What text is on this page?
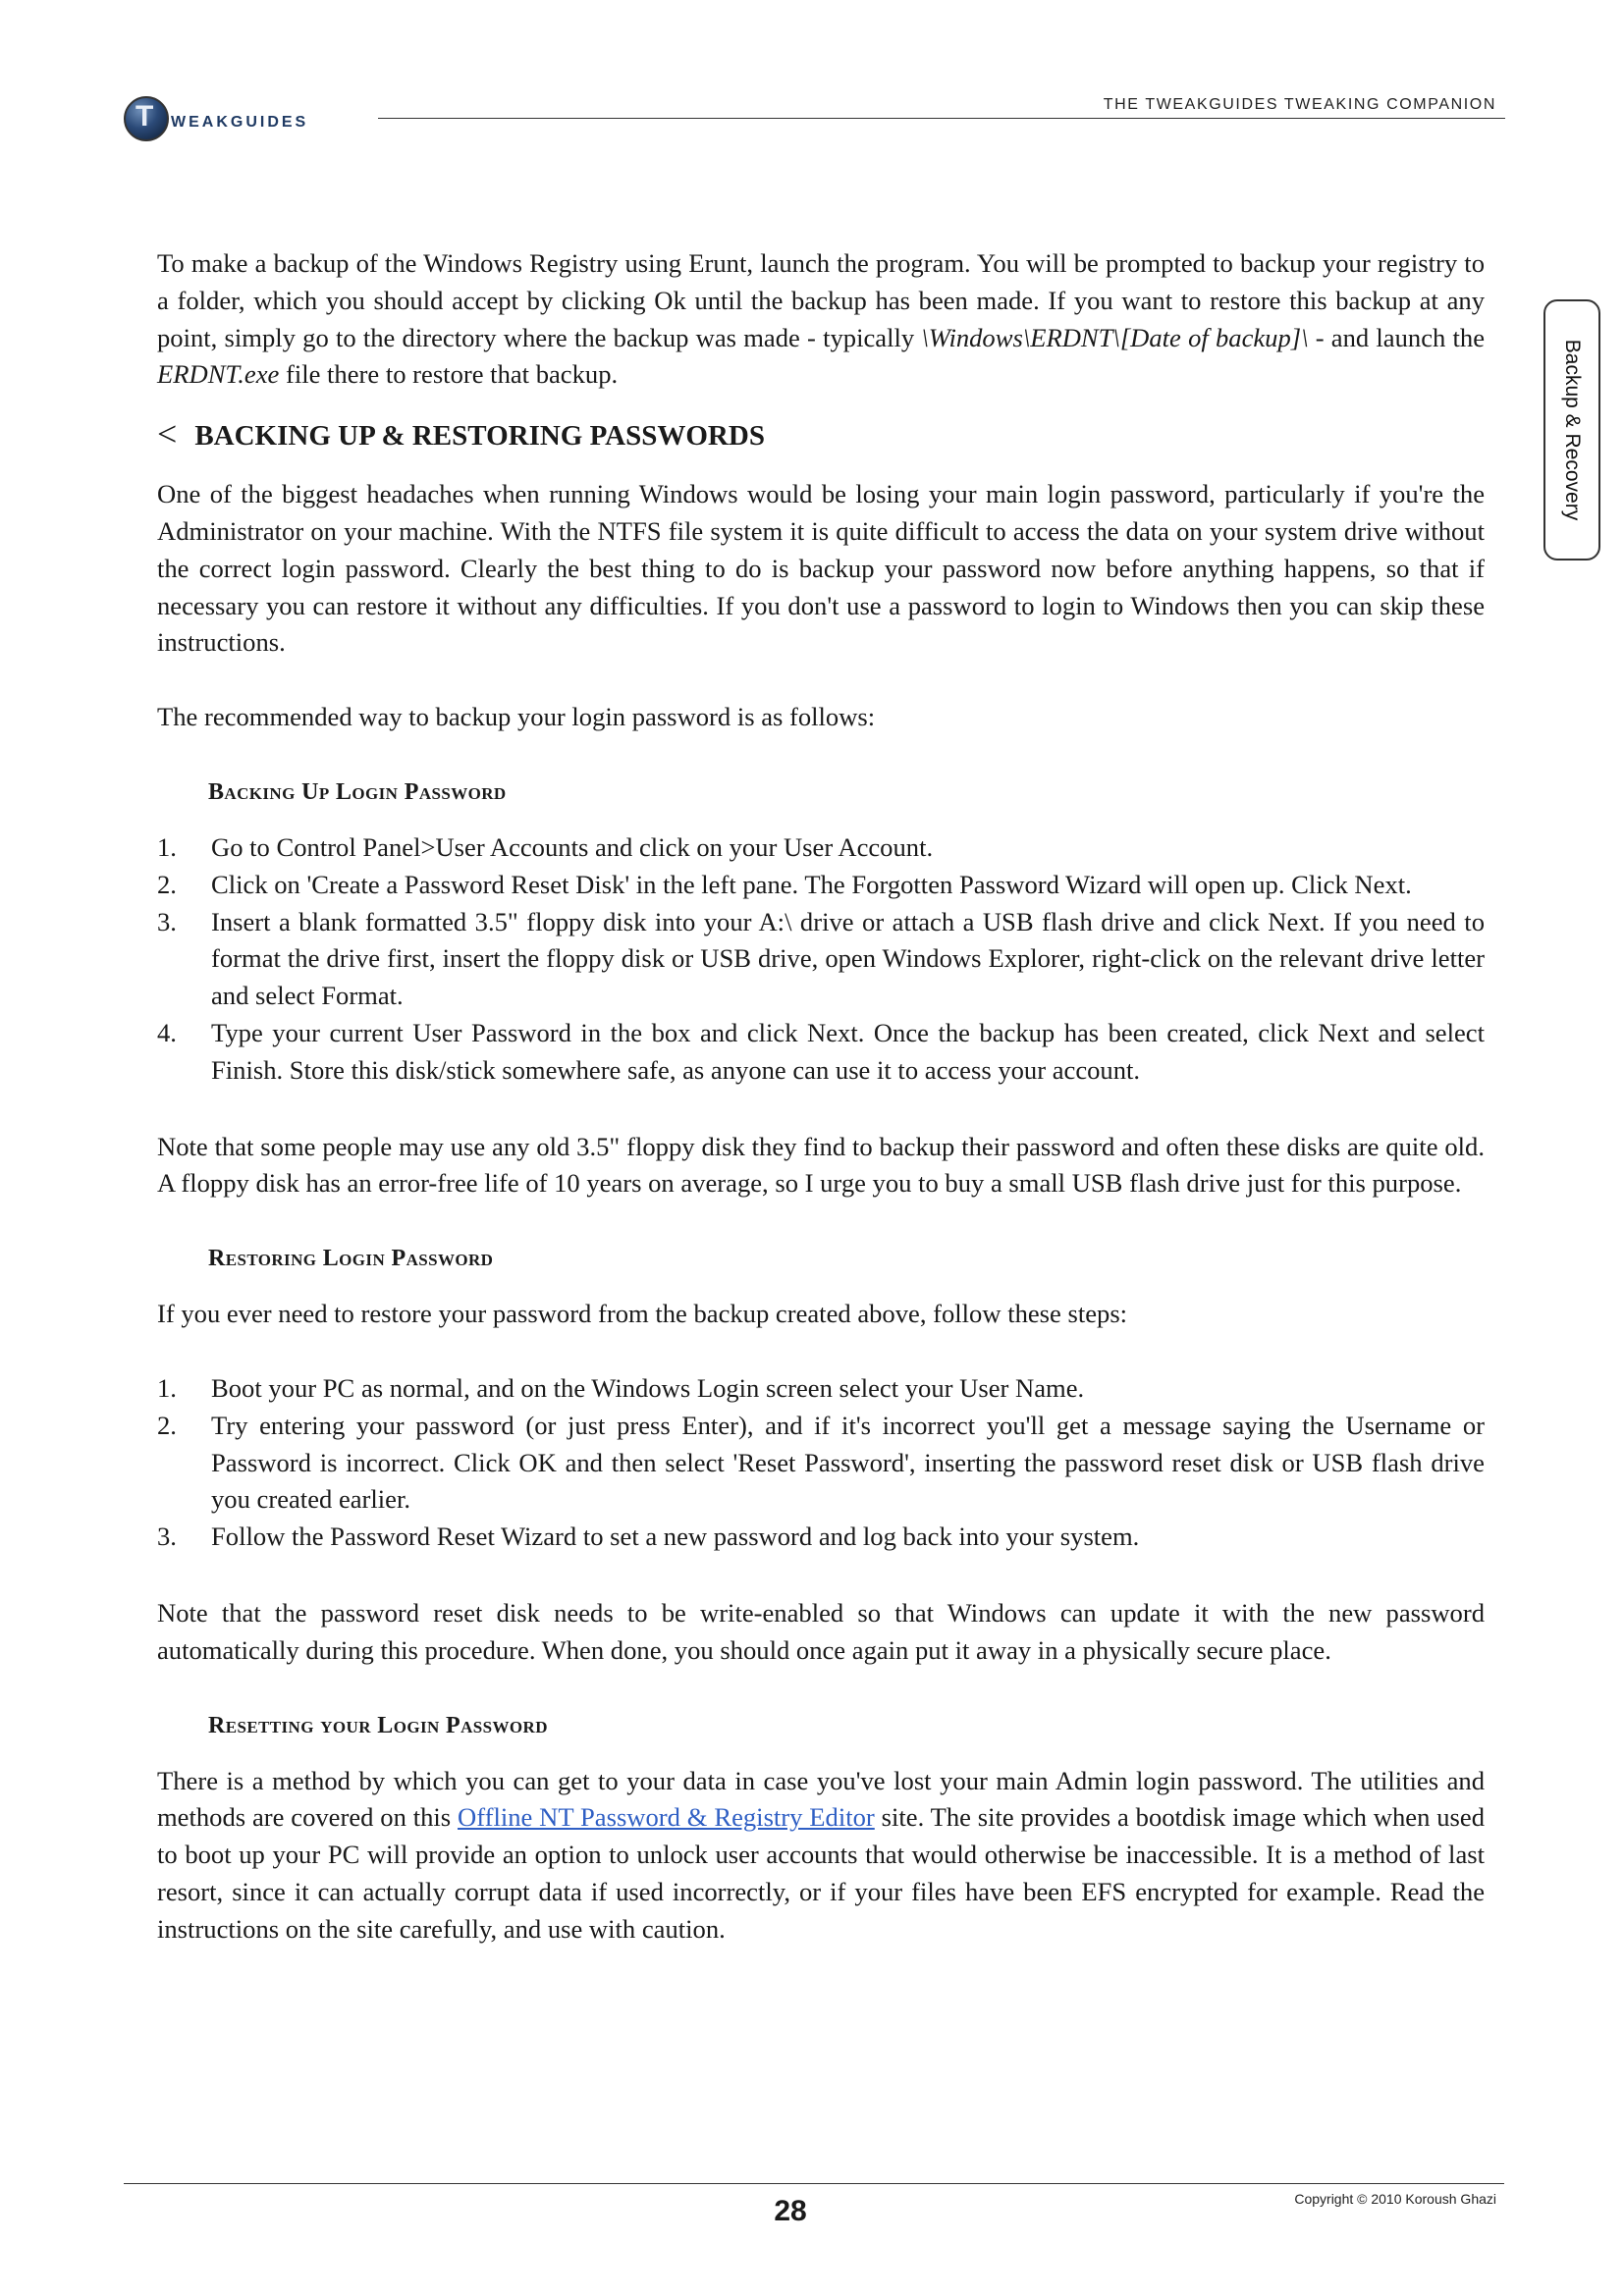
T WEAKGUIDES
THE TWEAKGUIDES TWEAKING COMPANION
Backup & Recovery

To make a backup of the Windows Registry using Erunt, launch the program. You will be prompted to backup your registry to a folder, which you should accept by clicking Ok until the backup has been made. If you want to restore this backup at any point, simply go to the directory where the backup was made - typically \Windows\ERDNT\[Date of backup]\ - and launch the ERDNT.exe file there to restore that backup.

< BACKING UP & RESTORING PASSWORDS

One of the biggest headaches when running Windows would be losing your main login password, particularly if you're the Administrator on your machine. With the NTFS file system it is quite difficult to access the data on your system drive without the correct login password. Clearly the best thing to do is backup your password now before anything happens, so that if necessary you can restore it without any difficulties. If you don't use a password to login to Windows then you can skip these instructions.

The recommended way to backup your login password is as follows:

Backing Up Login Password
1.	Go to Control Panel>User Accounts and click on your User Account.
2.	Click on 'Create a Password Reset Disk' in the left pane. The Forgotten Password Wizard will open up. Click Next.
3.	Insert a blank formatted 3.5" floppy disk into your A:\ drive or attach a USB flash drive and click Next. If you need to format the drive first, insert the floppy disk or USB drive, open Windows Explorer, right-click on the relevant drive letter and select Format.
4.	Type your current User Password in the box and click Next. Once the backup has been created, click Next and select Finish. Store this disk/stick somewhere safe, as anyone can use it to access your account.

Note that some people may use any old 3.5" floppy disk they find to backup their password and often these disks are quite old. A floppy disk has an error-free life of 10 years on average, so I urge you to buy a small USB flash drive just for this purpose.

Restoring Login Password

If you ever need to restore your password from the backup created above, follow these steps:

1.	Boot your PC as normal, and on the Windows Login screen select your User Name.
2.	Try entering your password (or just press Enter), and if it's incorrect you'll get a message saying the Username or Password is incorrect. Click OK and then select 'Reset Password', inserting the password reset disk or USB flash drive you created earlier.
3.	Follow the Password Reset Wizard to set a new password and log back into your system.

Note that the password reset disk needs to be write-enabled so that Windows can update it with the new password automatically during this procedure. When done, you should once again put it away in a physically secure place.

Resetting your Login Password

There is a method by which you can get to your data in case you've lost your main Admin login password. The utilities and methods are covered on this Offline NT Password & Registry Editor site. The site provides a bootdisk image which when used to boot up your PC will provide an option to unlock user accounts that would otherwise be inaccessible. It is a method of last resort, since it can actually corrupt data if used incorrectly, or if your files have been EFS encrypted for example. Read the instructions on the site carefully, and use with caution.

28	Copyright © 2010 Koroush Ghazi
